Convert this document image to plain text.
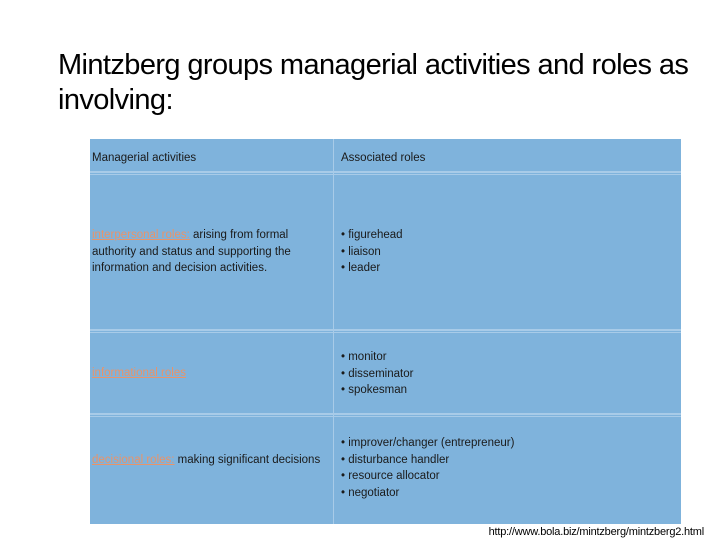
Mintzberg groups managerial activities and roles as involving:
Managerial activities	Associated roles
interpersonal roles: arising from formal authority and status and supporting the information and decision activities.
• figurehead
• liaison
• leader
informational roles
• monitor
• disseminator
• spokesman
decisional roles: making significant decisions
• improver/changer (entrepreneur)
• disturbance handler
• resource allocator
• negotiator
http://www.bola.biz/mintzberg/mintzberg2.html
